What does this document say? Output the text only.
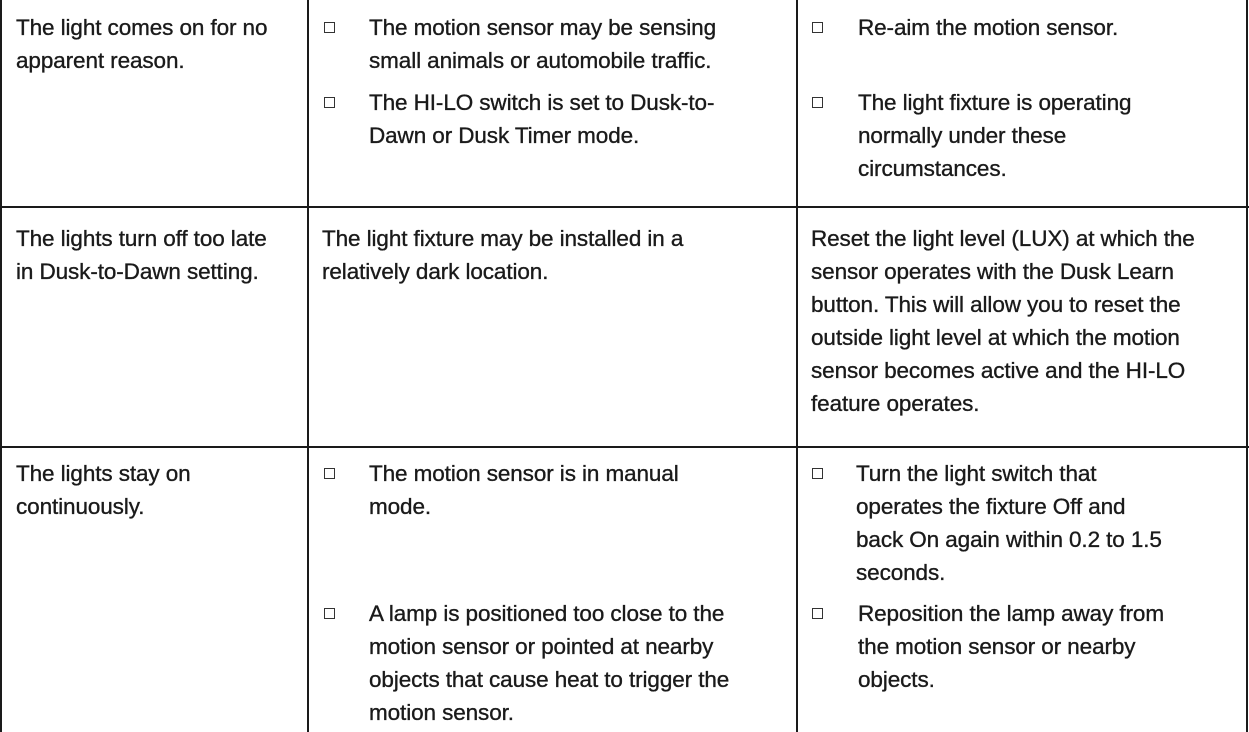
The light comes on for no
apparent reason.
The motion sensor may be sensing
small animals or automobile traffic.
The HI-LO switch is set to Dusk-to-
Dawn or Dusk Timer mode.
Re-aim the motion sensor.
The light fixture is operating
normally under these
circumstances.
The lights turn off too late
in Dusk-to-Dawn setting.
The light fixture may be installed in a
relatively dark location.
Reset the light level (LUX) at which the
sensor operates with the Dusk Learn
button. This will allow you to reset the
outside light level at which the motion
sensor becomes active and the HI-LO
feature operates.
The lights stay on
continuously.
The motion sensor is in manual
mode.
A lamp is positioned too close to the
motion sensor or pointed at nearby
objects that cause heat to trigger the
motion sensor.
Turn the light switch that
operates the fixture Off and
back On again within 0.2 to 1.5
seconds.
Reposition the lamp away from
the motion sensor or nearby
objects.
